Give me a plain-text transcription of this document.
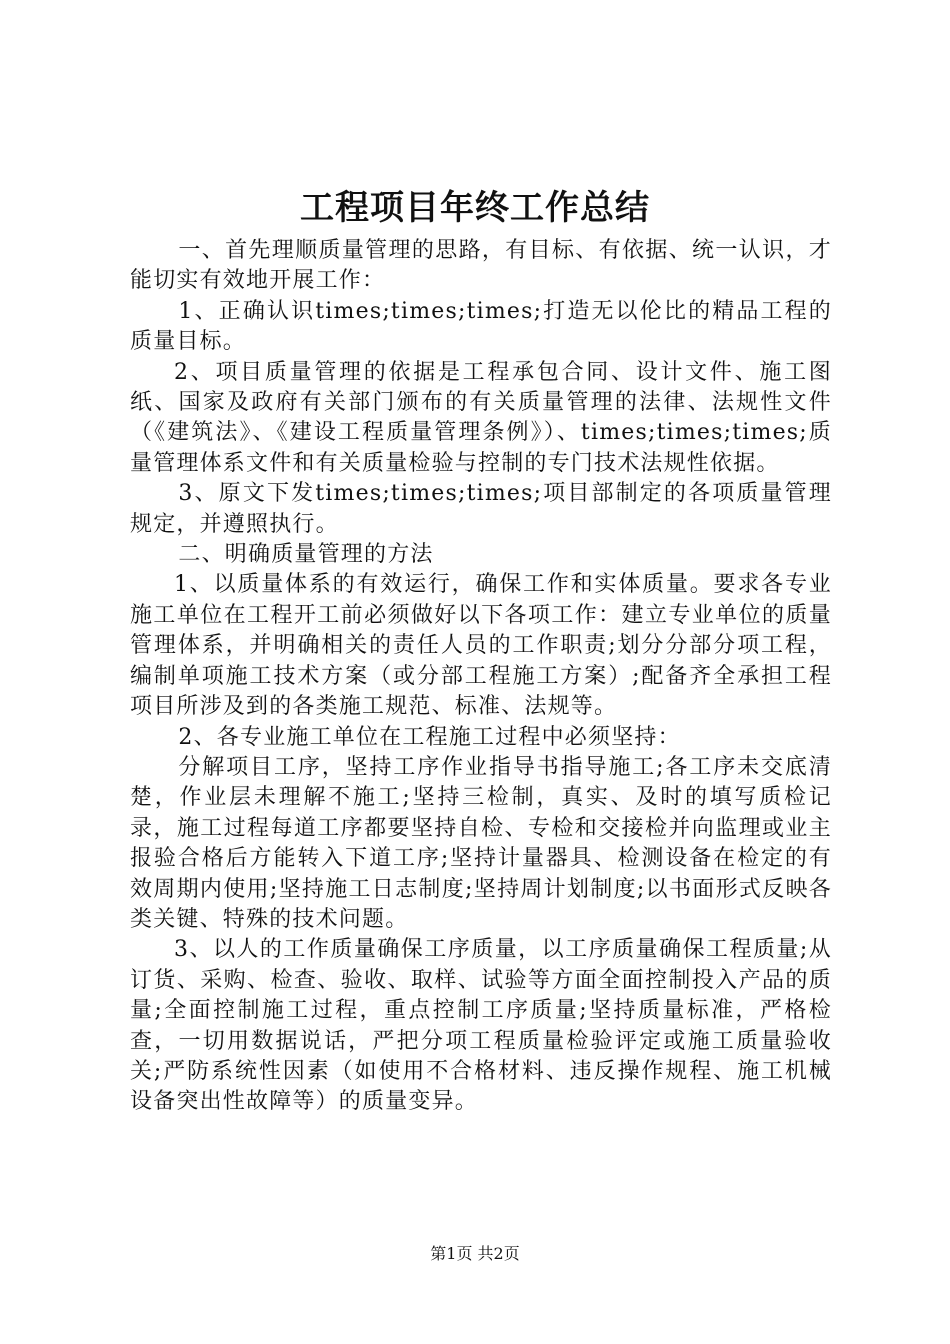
工程项目年终工作总结

一、首先理顺质量管理的思路，有目标、有依据、统一认识，才能切实有效地开展工作：

1、正确认识times;times;times;打造无以伦比的精品工程的质量目标。

2、项目质量管理的依据是工程承包合同、设计文件、施工图纸、国家及政府有关部门颁布的有关质量管理的法律、法规性文件（《建筑法》、《建设工程质量管理条例》）、times;times;times;质量管理体系文件和有关质量检验与控制的专门技术法规性依据。

3、原文下发times;times;times;项目部制定的各项质量管理规定，并遵照执行。

二、明确质量管理的方法

1、以质量体系的有效运行，确保工作和实体质量。要求各专业施工单位在工程开工前必须做好以下各项工作：建立专业单位的质量管理体系，并明确相关的责任人员的工作职责;划分分部分项工程，编制单项施工技术方案（或分部工程施工方案）;配备齐全承担工程项目所涉及到的各类施工规范、标准、法规等。

2、各专业施工单位在工程施工过程中必须坚持：

分解项目工序，坚持工序作业指导书指导施工;各工序未交底清楚，作业层未理解不施工;坚持三检制，真实、及时的填写质检记录，施工过程每道工序都要坚持自检、专检和交接检并向监理或业主报验合格后方能转入下道工序;坚持计量器具、检测设备在检定的有效周期内使用;坚持施工日志制度;坚持周计划制度;以书面形式反映各类关键、特殊的技术问题。

3、以人的工作质量确保工序质量，以工序质量确保工程质量;从订货、采购、检查、验收、取样、试验等方面全面控制投入产品的质量;全面控制施工过程，重点控制工序质量;坚持质量标准，严格检查，一切用数据说话，严把分项工程质量检验评定或施工质量验收关;严防系统性因素（如使用不合格材料、违反操作规程、施工机械设备突出性故障等）的质量变异。

第1页 共2页
